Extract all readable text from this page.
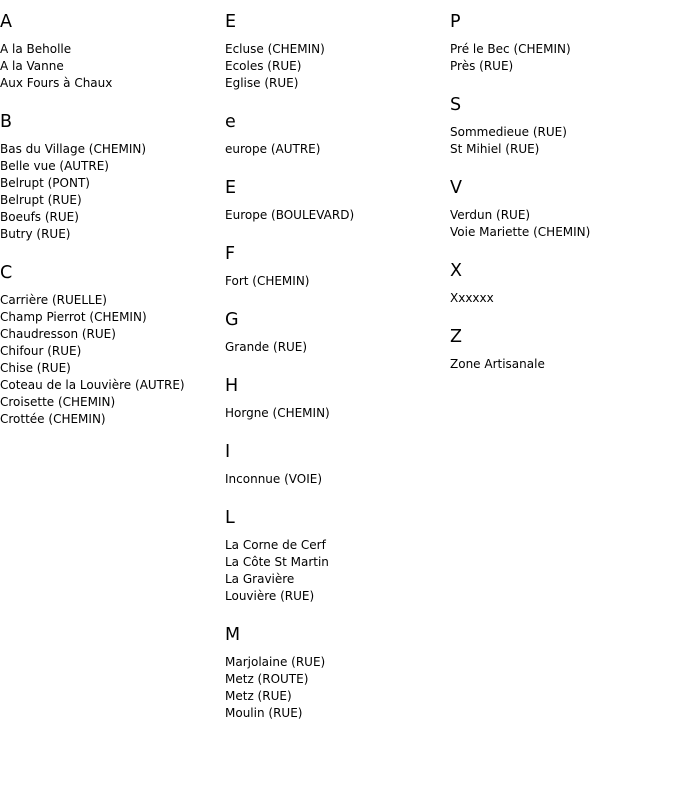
A
A la Beholle
A la Vanne
Aux Fours à Chaux
B
Bas du Village (CHEMIN)
Belle vue (AUTRE)
Belrupt (PONT)
Belrupt (RUE)
Boeufs (RUE)
Butry (RUE)
C
Carrière (RUELLE)
Champ Pierrot (CHEMIN)
Chaudresson (RUE)
Chifour (RUE)
Chise (RUE)
Coteau de la Louvière (AUTRE)
Croisette (CHEMIN)
Crottée (CHEMIN)
E
Ecluse (CHEMIN)
Ecoles (RUE)
Eglise (RUE)
e
europe (AUTRE)
E
Europe (BOULEVARD)
F
Fort (CHEMIN)
G
Grande (RUE)
H
Horgne (CHEMIN)
I
Inconnue (VOIE)
L
La Corne de Cerf
La Côte St Martin
La Gravière
Louvière (RUE)
M
Marjolaine (RUE)
Metz (ROUTE)
Metz (RUE)
Moulin (RUE)
P
Pré le Bec (CHEMIN)
Près (RUE)
S
Sommedieue (RUE)
St Mihiel (RUE)
V
Verdun (RUE)
Voie Mariette (CHEMIN)
X
Xxxxxx
Z
Zone Artisanale
